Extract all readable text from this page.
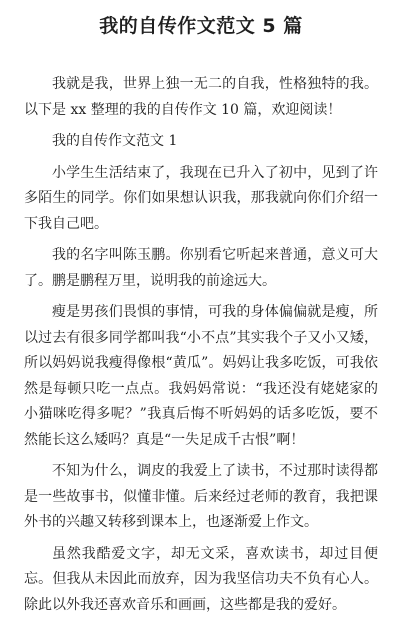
我的自传作文范文 5 篇

我就是我，世界上独一无二的自我，性格独特的我。以下是 xx 整理的我的自传作文 10 篇，欢迎阅读！

我的自传作文范文 1

小学生生活结束了，我现在已升入了初中，见到了许多陌生的同学。你们如果想认识我，那我就向你们介绍一下我自己吧。

我的名字叫陈玉鹏。你别看它听起来普通，意义可大了。鹏是鹏程万里，说明我的前途远大。

瘦是男孩们畏惧的事情，可我的身体偏偏就是瘦，所以过去有很多同学都叫我“小不点”其实我个子又小又矮，所以妈妈说我瘦得像根“黄瓜”。妈妈让我多吃饭，可我依然是每顿只吃一点点。我妈妈常说：“我还没有姥姥家的小猫咪吃得多呢？”我真后悔不听妈妈的话多吃饭，要不然能长这么矮吗？真是“一失足成千古恨”啊！

不知为什么，调皮的我爱上了读书，不过那时读得都是一些故事书，似懂非懂。后来经过老师的教育，我把课外书的兴趣又转移到课本上，也逐渐爱上作文。

虽然我酷爱文字，却无文采，喜欢读书，却过目便忘。但我从未因此而放弃，因为我坚信功夫不负有心人。除此以外我还喜欢音乐和画画，这些都是我的爱好。
